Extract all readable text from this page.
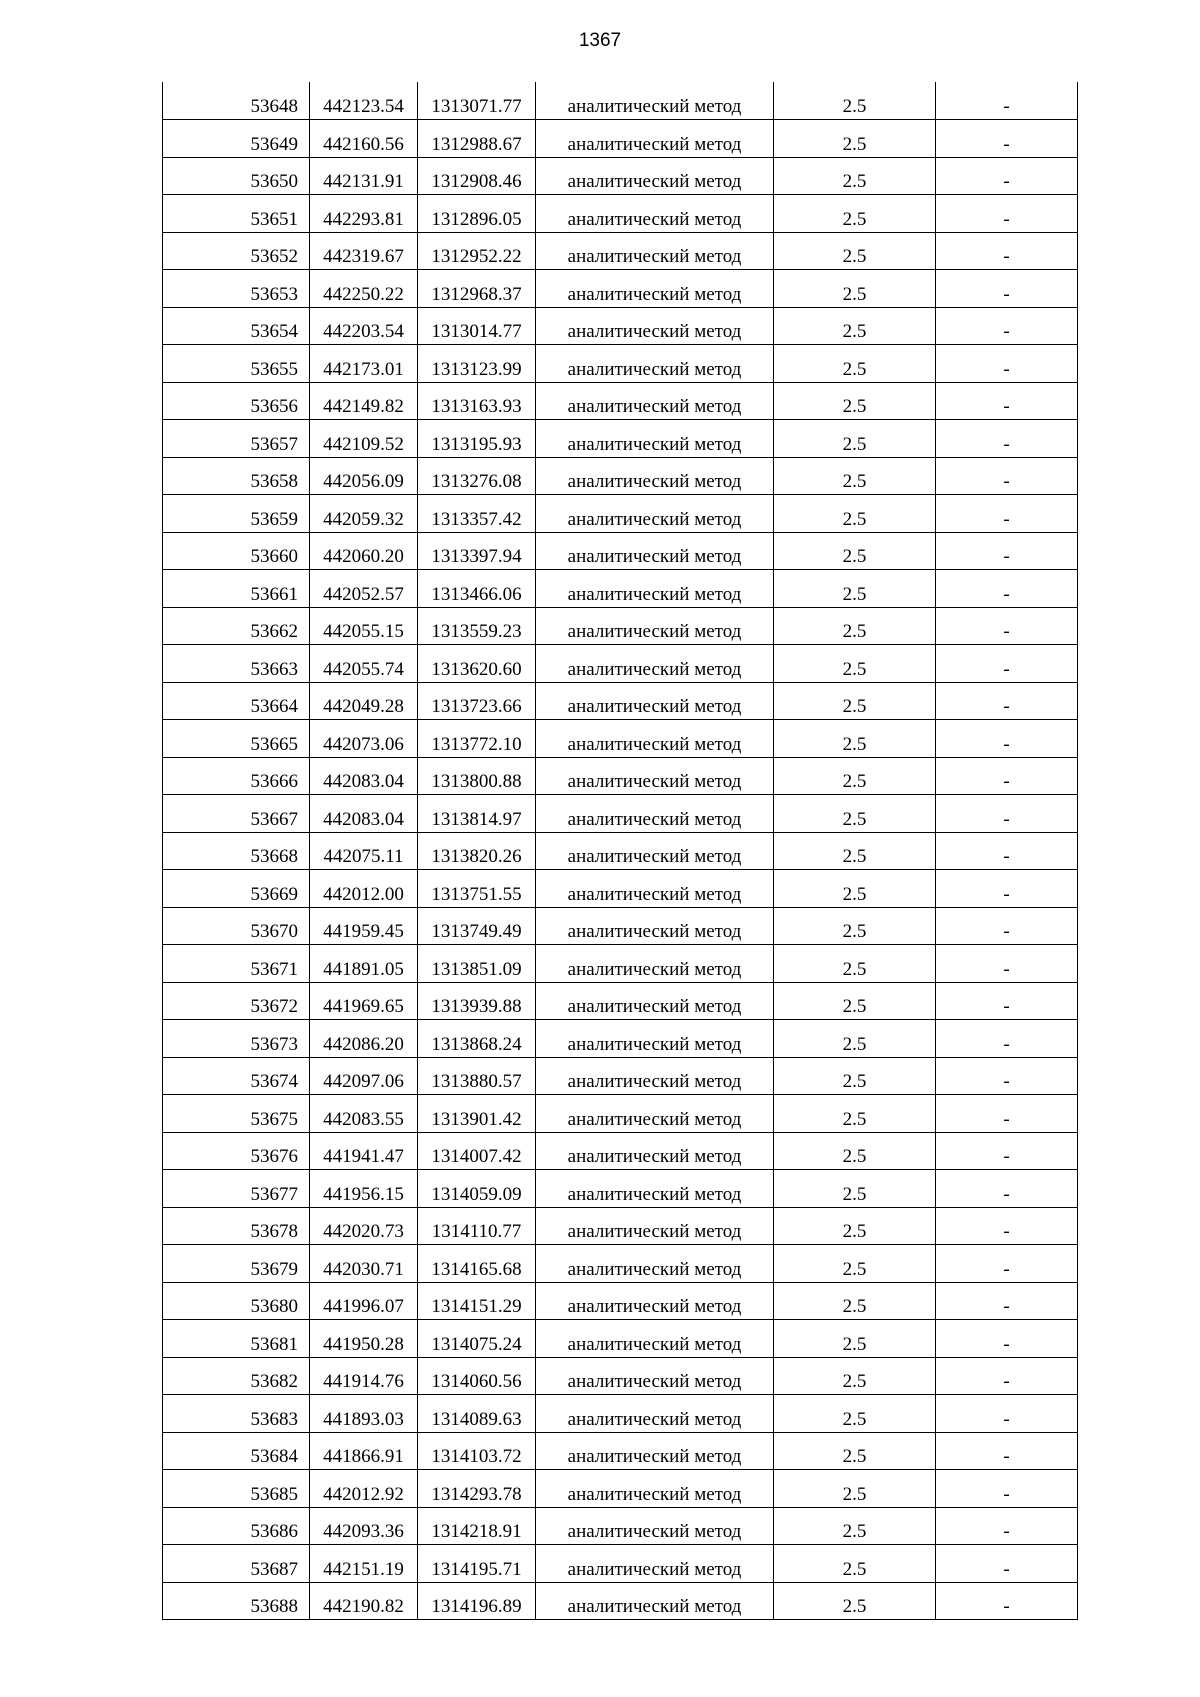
1367
53648	442123.54	1313071.77	аналитический метод	2.5	-
53649	442160.56	1312988.67	аналитический метод	2.5	-
53650	442131.91	1312908.46	аналитический метод	2.5	-
53651	442293.81	1312896.05	аналитический метод	2.5	-
53652	442319.67	1312952.22	аналитический метод	2.5	-
53653	442250.22	1312968.37	аналитический метод	2.5	-
53654	442203.54	1313014.77	аналитический метод	2.5	-
53655	442173.01	1313123.99	аналитический метод	2.5	-
53656	442149.82	1313163.93	аналитический метод	2.5	-
53657	442109.52	1313195.93	аналитический метод	2.5	-
53658	442056.09	1313276.08	аналитический метод	2.5	-
53659	442059.32	1313357.42	аналитический метод	2.5	-
53660	442060.20	1313397.94	аналитический метод	2.5	-
53661	442052.57	1313466.06	аналитический метод	2.5	-
53662	442055.15	1313559.23	аналитический метод	2.5	-
53663	442055.74	1313620.60	аналитический метод	2.5	-
53664	442049.28	1313723.66	аналитический метод	2.5	-
53665	442073.06	1313772.10	аналитический метод	2.5	-
53666	442083.04	1313800.88	аналитический метод	2.5	-
53667	442083.04	1313814.97	аналитический метод	2.5	-
53668	442075.11	1313820.26	аналитический метод	2.5	-
53669	442012.00	1313751.55	аналитический метод	2.5	-
53670	441959.45	1313749.49	аналитический метод	2.5	-
53671	441891.05	1313851.09	аналитический метод	2.5	-
53672	441969.65	1313939.88	аналитический метод	2.5	-
53673	442086.20	1313868.24	аналитический метод	2.5	-
53674	442097.06	1313880.57	аналитический метод	2.5	-
53675	442083.55	1313901.42	аналитический метод	2.5	-
53676	441941.47	1314007.42	аналитический метод	2.5	-
53677	441956.15	1314059.09	аналитический метод	2.5	-
53678	442020.73	1314110.77	аналитический метод	2.5	-
53679	442030.71	1314165.68	аналитический метод	2.5	-
53680	441996.07	1314151.29	аналитический метод	2.5	-
53681	441950.28	1314075.24	аналитический метод	2.5	-
53682	441914.76	1314060.56	аналитический метод	2.5	-
53683	441893.03	1314089.63	аналитический метод	2.5	-
53684	441866.91	1314103.72	аналитический метод	2.5	-
53685	442012.92	1314293.78	аналитический метод	2.5	-
53686	442093.36	1314218.91	аналитический метод	2.5	-
53687	442151.19	1314195.71	аналитический метод	2.5	-
53688	442190.82	1314196.89	аналитический метод	2.5	-
